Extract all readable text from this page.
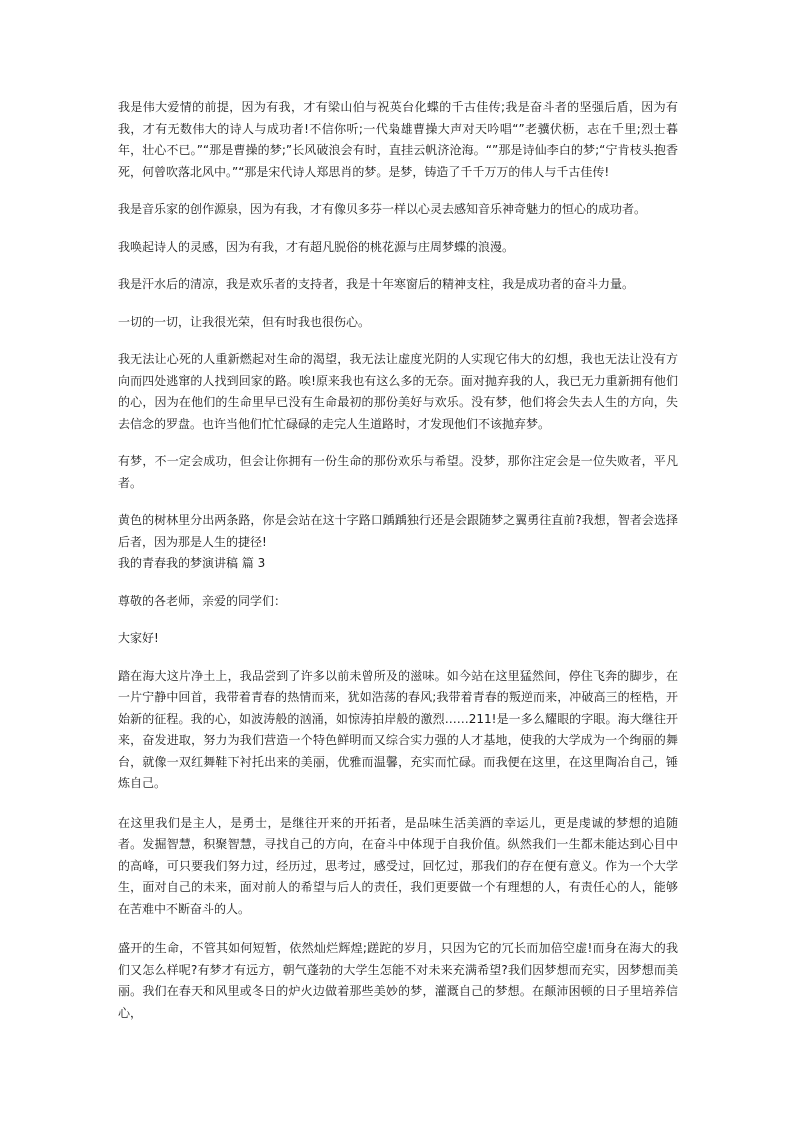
我是伟大爱情的前提，因为有我，才有梁山伯与祝英台化蝶的千古佳传;我是奋斗者的坚强后盾，因为有我，才有无数伟大的诗人与成功者!不信你听;一代枭雄曹操大声对天吟唱“”老骥伏枥，志在千里;烈士暮年，壮心不已。”“那是曹操的梦;”长风破浪会有时，直挂云帆济沧海。“”那是诗仙李白的梦;“宁肯枝头抱香死，何曾吹落北风中。”“那是宋代诗人郑思肖的梦。是梦，铸造了千千万万的伟人与千古佳传!

我是音乐家的创作源泉，因为有我，才有像贝多芬一样以心灵去感知音乐神奇魅力的恒心的成功者。

我唤起诗人的灵感，因为有我，才有超凡脱俗的桃花源与庄周梦蝶的浪漫。

我是汗水后的清凉，我是欢乐者的支持者，我是十年寒窗后的精神支柱，我是成功者的奋斗力量。

一切的一切，让我很光荣，但有时我也很伤心。

我无法让心死的人重新燃起对生命的渴望，我无法让虚度光阴的人实现它伟大的幻想，我也无法让没有方向而四处逃窜的人找到回家的路。唉!原来我也有这么多的无奈。面对抛弃我的人，我已无力重新拥有他们的心，因为在他们的生命里早已没有生命最初的那份美好与欢乐。没有梦，他们将会失去人生的方向，失去信念的罗盘。也许当他们忙忙碌碌的走完人生道路时，才发现他们不该抛弃梦。

有梦，不一定会成功，但会让你拥有一份生命的那份欢乐与希望。没梦，那你注定会是一位失败者，平凡者。

黄色的树林里分出两条路，你是会站在这十字路口踽踽独行还是会跟随梦之翼勇往直前?我想，智者会选择后者，因为那是人生的捷径!

我的青春我的梦演讲稿 篇 3

尊敬的各老师，亲爱的同学们：

大家好!

踏在海大这片净土上，我品尝到了许多以前未曾所及的滋味。如今站在这里猛然间，停住飞奔的脚步，在一片宁静中回首，我带着青春的热情而来，犹如浩荡的春风;我带着青春的叛逆而来，冲破高三的桎梏，开始新的征程。我的心，如波涛般的汹涌，如惊涛拍岸般的激烈……211!是一多么耀眼的字眼。海大继往开来，奋发进取，努力为我们营造一个特色鲜明而又综合实力强的人才基地，使我的大学成为一个绚丽的舞台，就像一双红舞鞋下衬托出来的美丽，优雅而温馨，充实而忙碌。而我便在这里，在这里陶冶自己，锤炼自己。

在这里我们是主人，是勇士，是继往开来的开拓者，是品味生活美酒的幸运儿，更是虔诚的梦想的追随者。发掘智慧，积聚智慧，寻找自己的方向，在奋斗中体现于自我价值。纵然我们一生都未能达到心目中的高峰，可只要我们努力过，经历过，思考过，感受过，回忆过，那我们的存在便有意义。作为一个大学生，面对自己的未来，面对前人的希望与后人的责任，我们更要做一个有理想的人，有责任心的人，能够在苦难中不断奋斗的人。

盛开的生命，不管其如何短暂，依然灿烂辉煌;蹉跎的岁月，只因为它的冗长而加倍空虚!而身在海大的我们又怎么样呢?有梦才有远方，朝气蓬勃的大学生怎能不对未来充满希望?我们因梦想而充实，因梦想而美丽。我们在春天和风里或冬日的炉火边做着那些美妙的梦，灌溉自己的梦想。在颠沛困顿的日子里培养信心，
